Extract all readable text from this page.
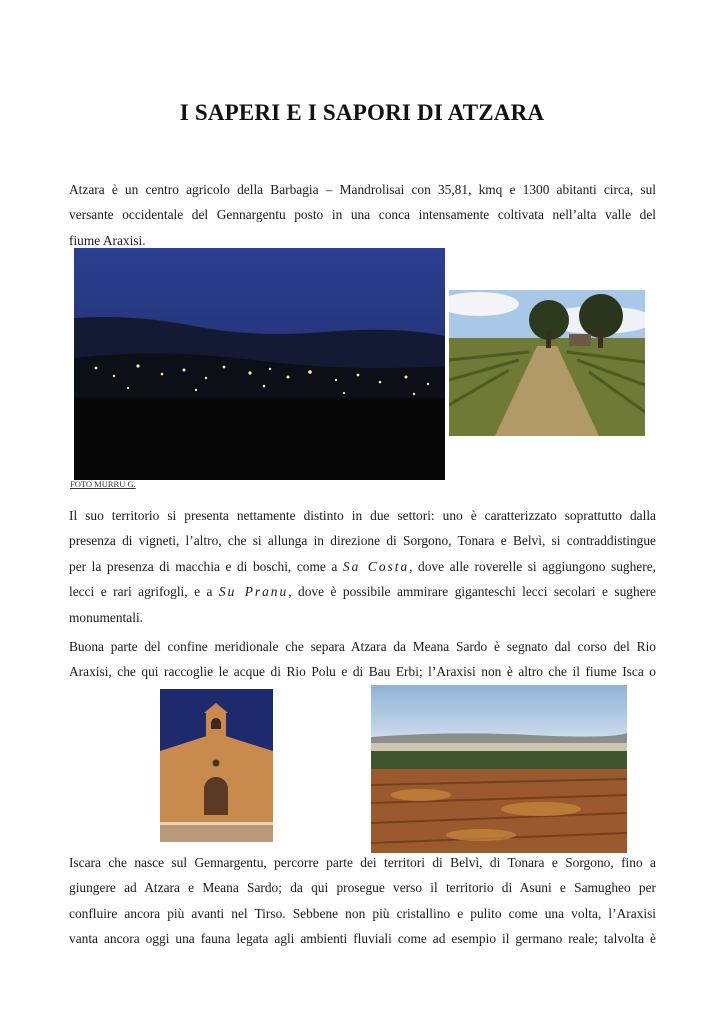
I SAPERI E I SAPORI DI ATZARA
Atzara è un centro agricolo della Barbagia – Mandrolisai con 35,81, kmq e 1300 abitanti circa, sul
versante occidentale del Gennargentu posto in una conca intensamente coltivata nell’alta valle del
fiume Araxisi.
FOTO MURRU G.
Il suo territorio si presenta nettamente distinto in due settori: uno è caratterizzato soprattutto dalla
presenza di vigneti, l’altro, che si allunga in direzione di Sorgono, Tonara e Belvì, si contraddistingue
per la presenza di macchia e di boschi, come a Sa Costa, dove alle roverelle si aggiungono sughere,
lecci e rari agrifogli, e a Su Pranu, dove è possibile ammirare giganteschi lecci secolari e sughere
monumentali.
Buona parte del confine meridionale che separa Atzara da Meana Sardo è segnato dal corso del Rio
Araxisi, che qui raccoglie le acque di Rio Polu e di Bau Erbi; l’Araxisi non è altro che il fiume Isca o
Iscara che nasce sul Gennargentu, percorre parte dei territori di Belvì, di Tonara e Sorgono, fino a
giungere ad Atzara e Meana Sardo; da qui prosegue verso il territorio di Asuni e Samugheo per
confluire ancora più avanti nel Tirso. Sebbene non più cristallino e pulito come una volta, l’Araxisi
vanta ancora oggi una fauna legata agli ambienti fluviali come ad esempio il germano reale; talvolta è
